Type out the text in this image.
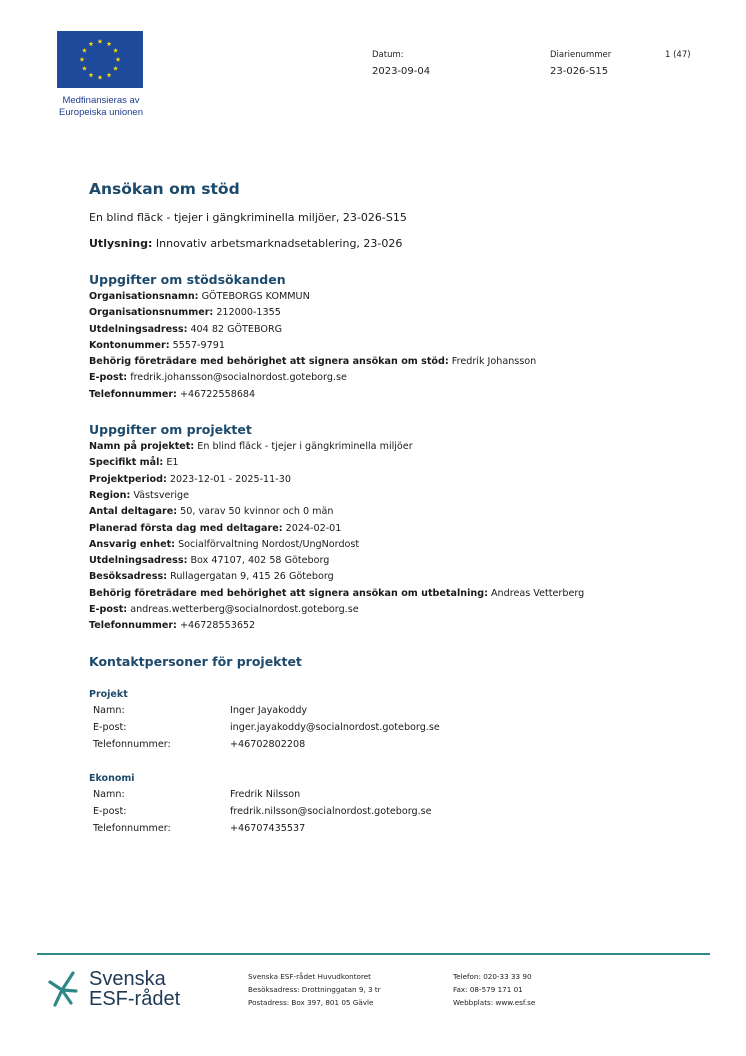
Medfinansieras av
Europeiska unionen
Datum:
2023-09-04
Diarienummer
23-026-S15
1 (47)
Ansökan om stöd
En blind fläck - tjejer i gängkriminella miljöer, 23-026-S15
Utlysning: Innovativ arbetsmarknadsetablering, 23-026
Uppgifter om stödsökanden
Organisationsnamn: GÖTEBORGS KOMMUN
Organisationsnummer: 212000-1355
Utdelningsadress: 404 82 GÖTEBORG
Kontonummer: 5557-9791
Behörig företrädare med behörighet att signera ansökan om stöd: Fredrik Johansson
E-post: fredrik.johansson@socialnordost.goteborg.se
Telefonnummer: +46722558684
Uppgifter om projektet
Namn på projektet: En blind fläck - tjejer i gängkriminella miljöer
Specifikt mål: E1
Projektperiod: 2023-12-01 - 2025-11-30
Region: Västsverige
Antal deltagare: 50, varav 50 kvinnor och 0 män
Planerad första dag med deltagare: 2024-02-01
Ansvarig enhet: Socialförvaltning Nordost/UngNordost
Utdelningsadress: Box 47107, 402 58 Göteborg
Besöksadress: Rullagergatan 9, 415 26 Göteborg
Behörig företrädare med behörighet att signera ansökan om utbetalning: Andreas Vetterberg
E-post: andreas.wetterberg@socialnordost.goteborg.se
Telefonnummer: +46728553652
Kontaktpersoner för projektet
Projekt
Namn:	Inger Jayakoddy
E-post:	inger.jayakoddy@socialnordost.goteborg.se
Telefonnummer:	+46702802208
Ekonomi
Namn:	Fredrik Nilsson
E-post:	fredrik.nilsson@socialnordost.goteborg.se
Telefonnummer:	+46707435537
Svenska
ESF-rådet
Svenska ESF-rådet Huvudkontoret
Besöksadress: Drottninggatan 9, 3 tr
Postadress: Box 397, 801 05 Gävle
Telefon: 020-33 33 90
Fax: 08-579 171 01
Webbplats: www.esf.se
